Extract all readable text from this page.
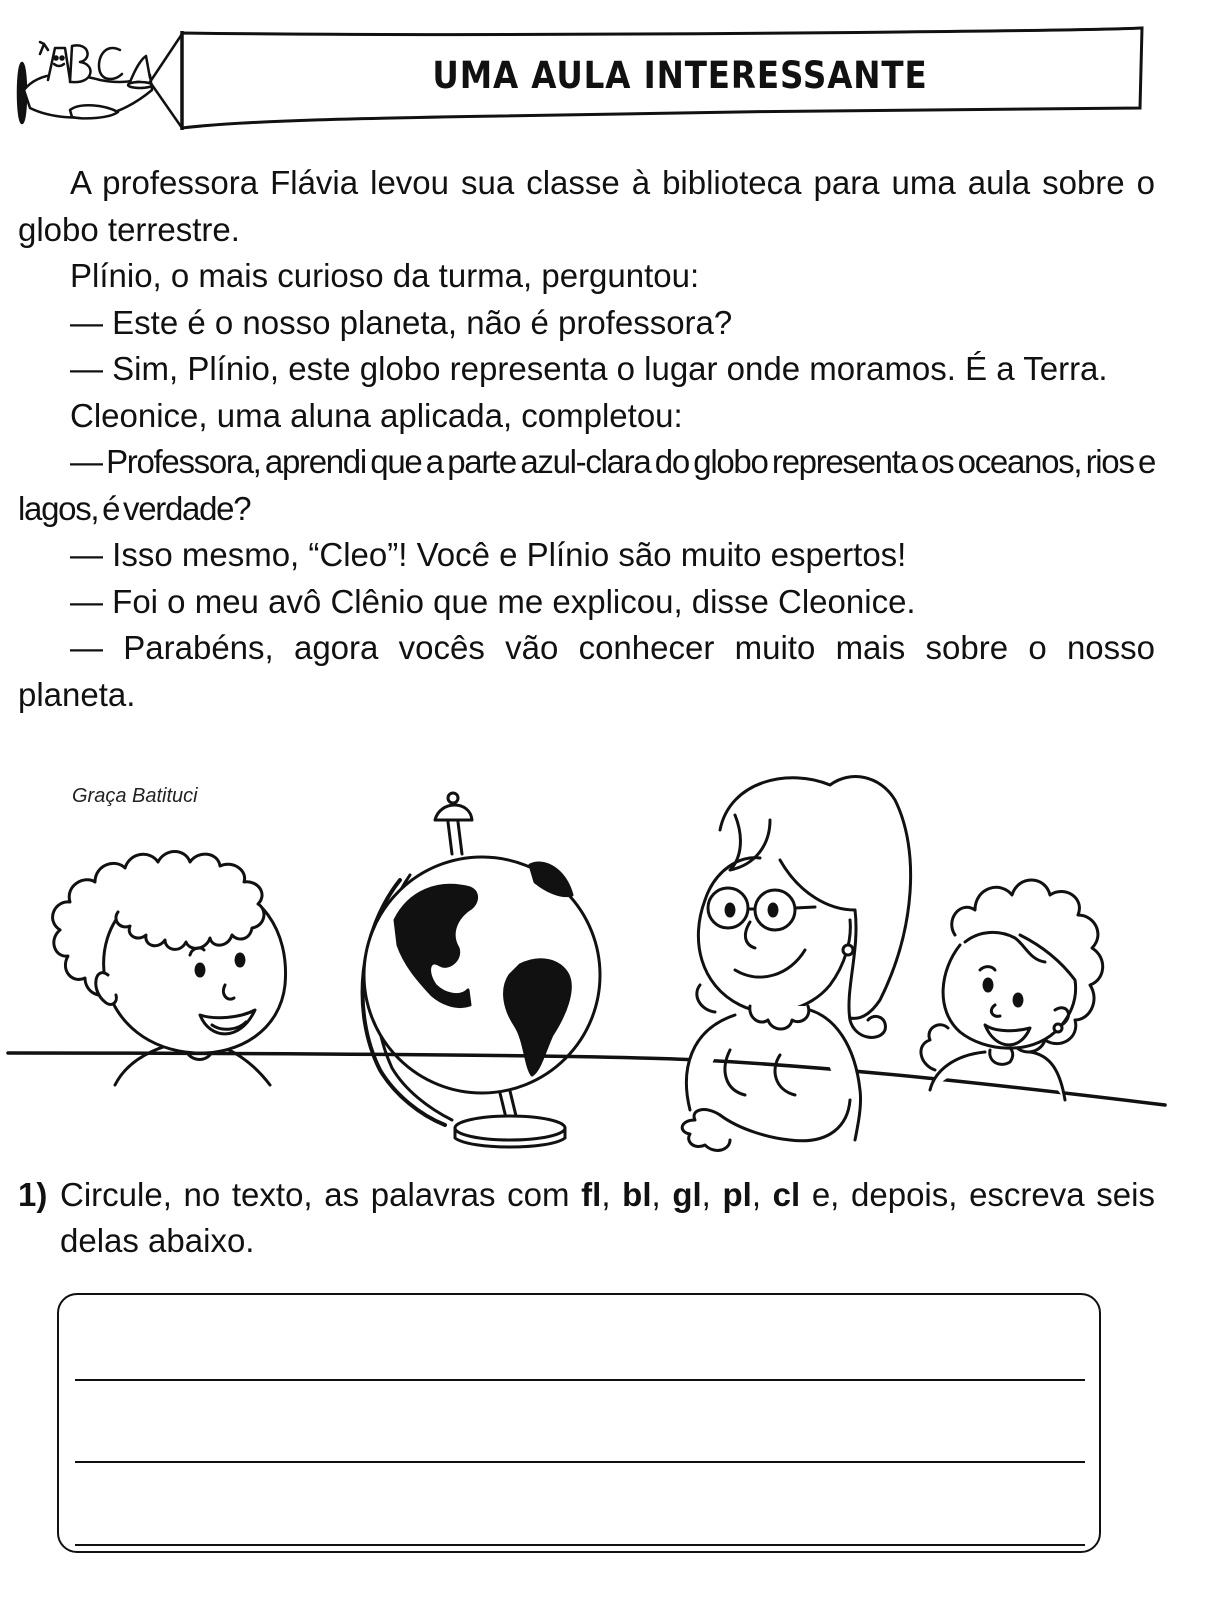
UMA AULA INTERESSANTE

A professora Flávia levou sua classe à biblioteca para uma aula sobre o globo terrestre.

Plínio, o mais curioso da turma, perguntou:

— Este é o nosso planeta, não é professora?

— Sim, Plínio, este globo representa o lugar onde moramos. É a Terra.

Cleonice, uma aluna aplicada, completou:

— Professora, aprendi que a parte azul-clara do globo representa os oceanos, rios e lagos, é verdade?

— Isso mesmo, “Cleo”! Você e Plínio são muito espertos!

— Foi o meu avô Clênio que me explicou, disse Cleonice.

— Parabéns, agora vocês vão conhecer muito mais sobre o nosso planeta.

Graça Batituci
1) Circule, no texto, as palavras com fl, bl, gl, pl, cl e, depois, escreva seis delas abaixo.
